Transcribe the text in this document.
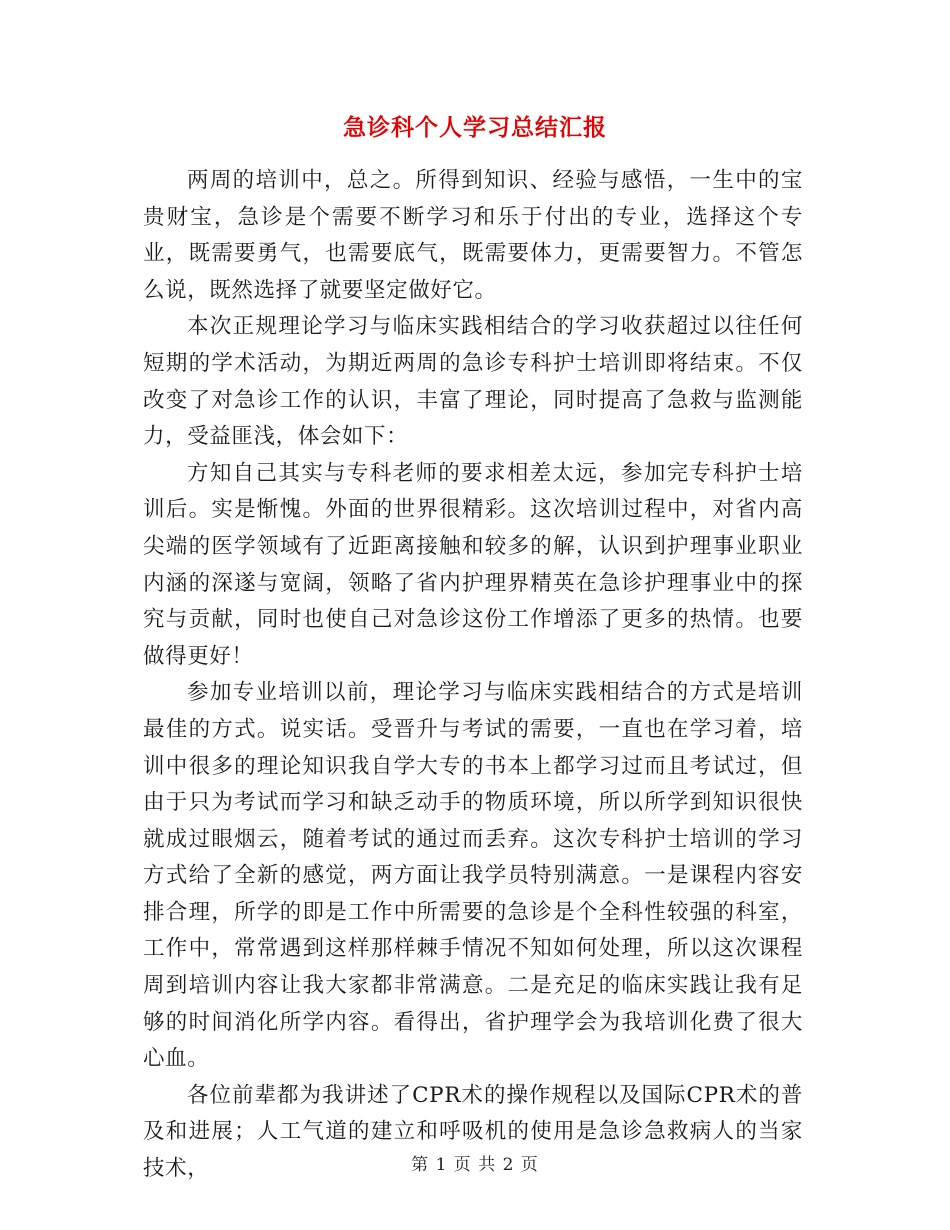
急诊科个人学习总结汇报

两周的培训中，总之。所得到知识、经验与感悟，一生中的宝贵财宝，急诊是个需要不断学习和乐于付出的专业，选择这个专业，既需要勇气，也需要底气，既需要体力，更需要智力。不管怎么说，既然选择了就要坚定做好它。

本次正规理论学习与临床实践相结合的学习收获超过以往任何短期的学术活动，为期近两周的急诊专科护士培训即将结束。不仅改变了对急诊工作的认识，丰富了理论，同时提高了急救与监测能力，受益匪浅，体会如下：

方知自己其实与专科老师的要求相差太远，参加完专科护士培训后。实是惭愧。外面的世界很精彩。这次培训过程中，对省内高尖端的医学领域有了近距离接触和较多的解，认识到护理事业职业内涵的深遂与宽阔，领略了省内护理界精英在急诊护理事业中的探究与贡献，同时也使自己对急诊这份工作增添了更多的热情。也要做得更好！

参加专业培训以前，理论学习与临床实践相结合的方式是培训最佳的方式。说实话。受晋升与考试的需要，一直也在学习着，培训中很多的理论知识我自学大专的书本上都学习过而且考试过，但由于只为考试而学习和缺乏动手的物质环境，所以所学到知识很快就成过眼烟云，随着考试的通过而丢弃。这次专科护士培训的学习方式给了全新的感觉，两方面让我学员特别满意。一是课程内容安排合理，所学的即是工作中所需要的急诊是个全科性较强的科室，工作中，常常遇到这样那样棘手情况不知如何处理，所以这次课程周到培训内容让我大家都非常满意。二是充足的临床实践让我有足够的时间消化所学内容。看得出，省护理学会为我培训化费了很大心血。

各位前辈都为我讲述了CPR术的操作规程以及国际CPR术的普及和进展；人工气道的建立和呼吸机的使用是急诊急救病人的当家技术，	第 1 页 共 2 页
